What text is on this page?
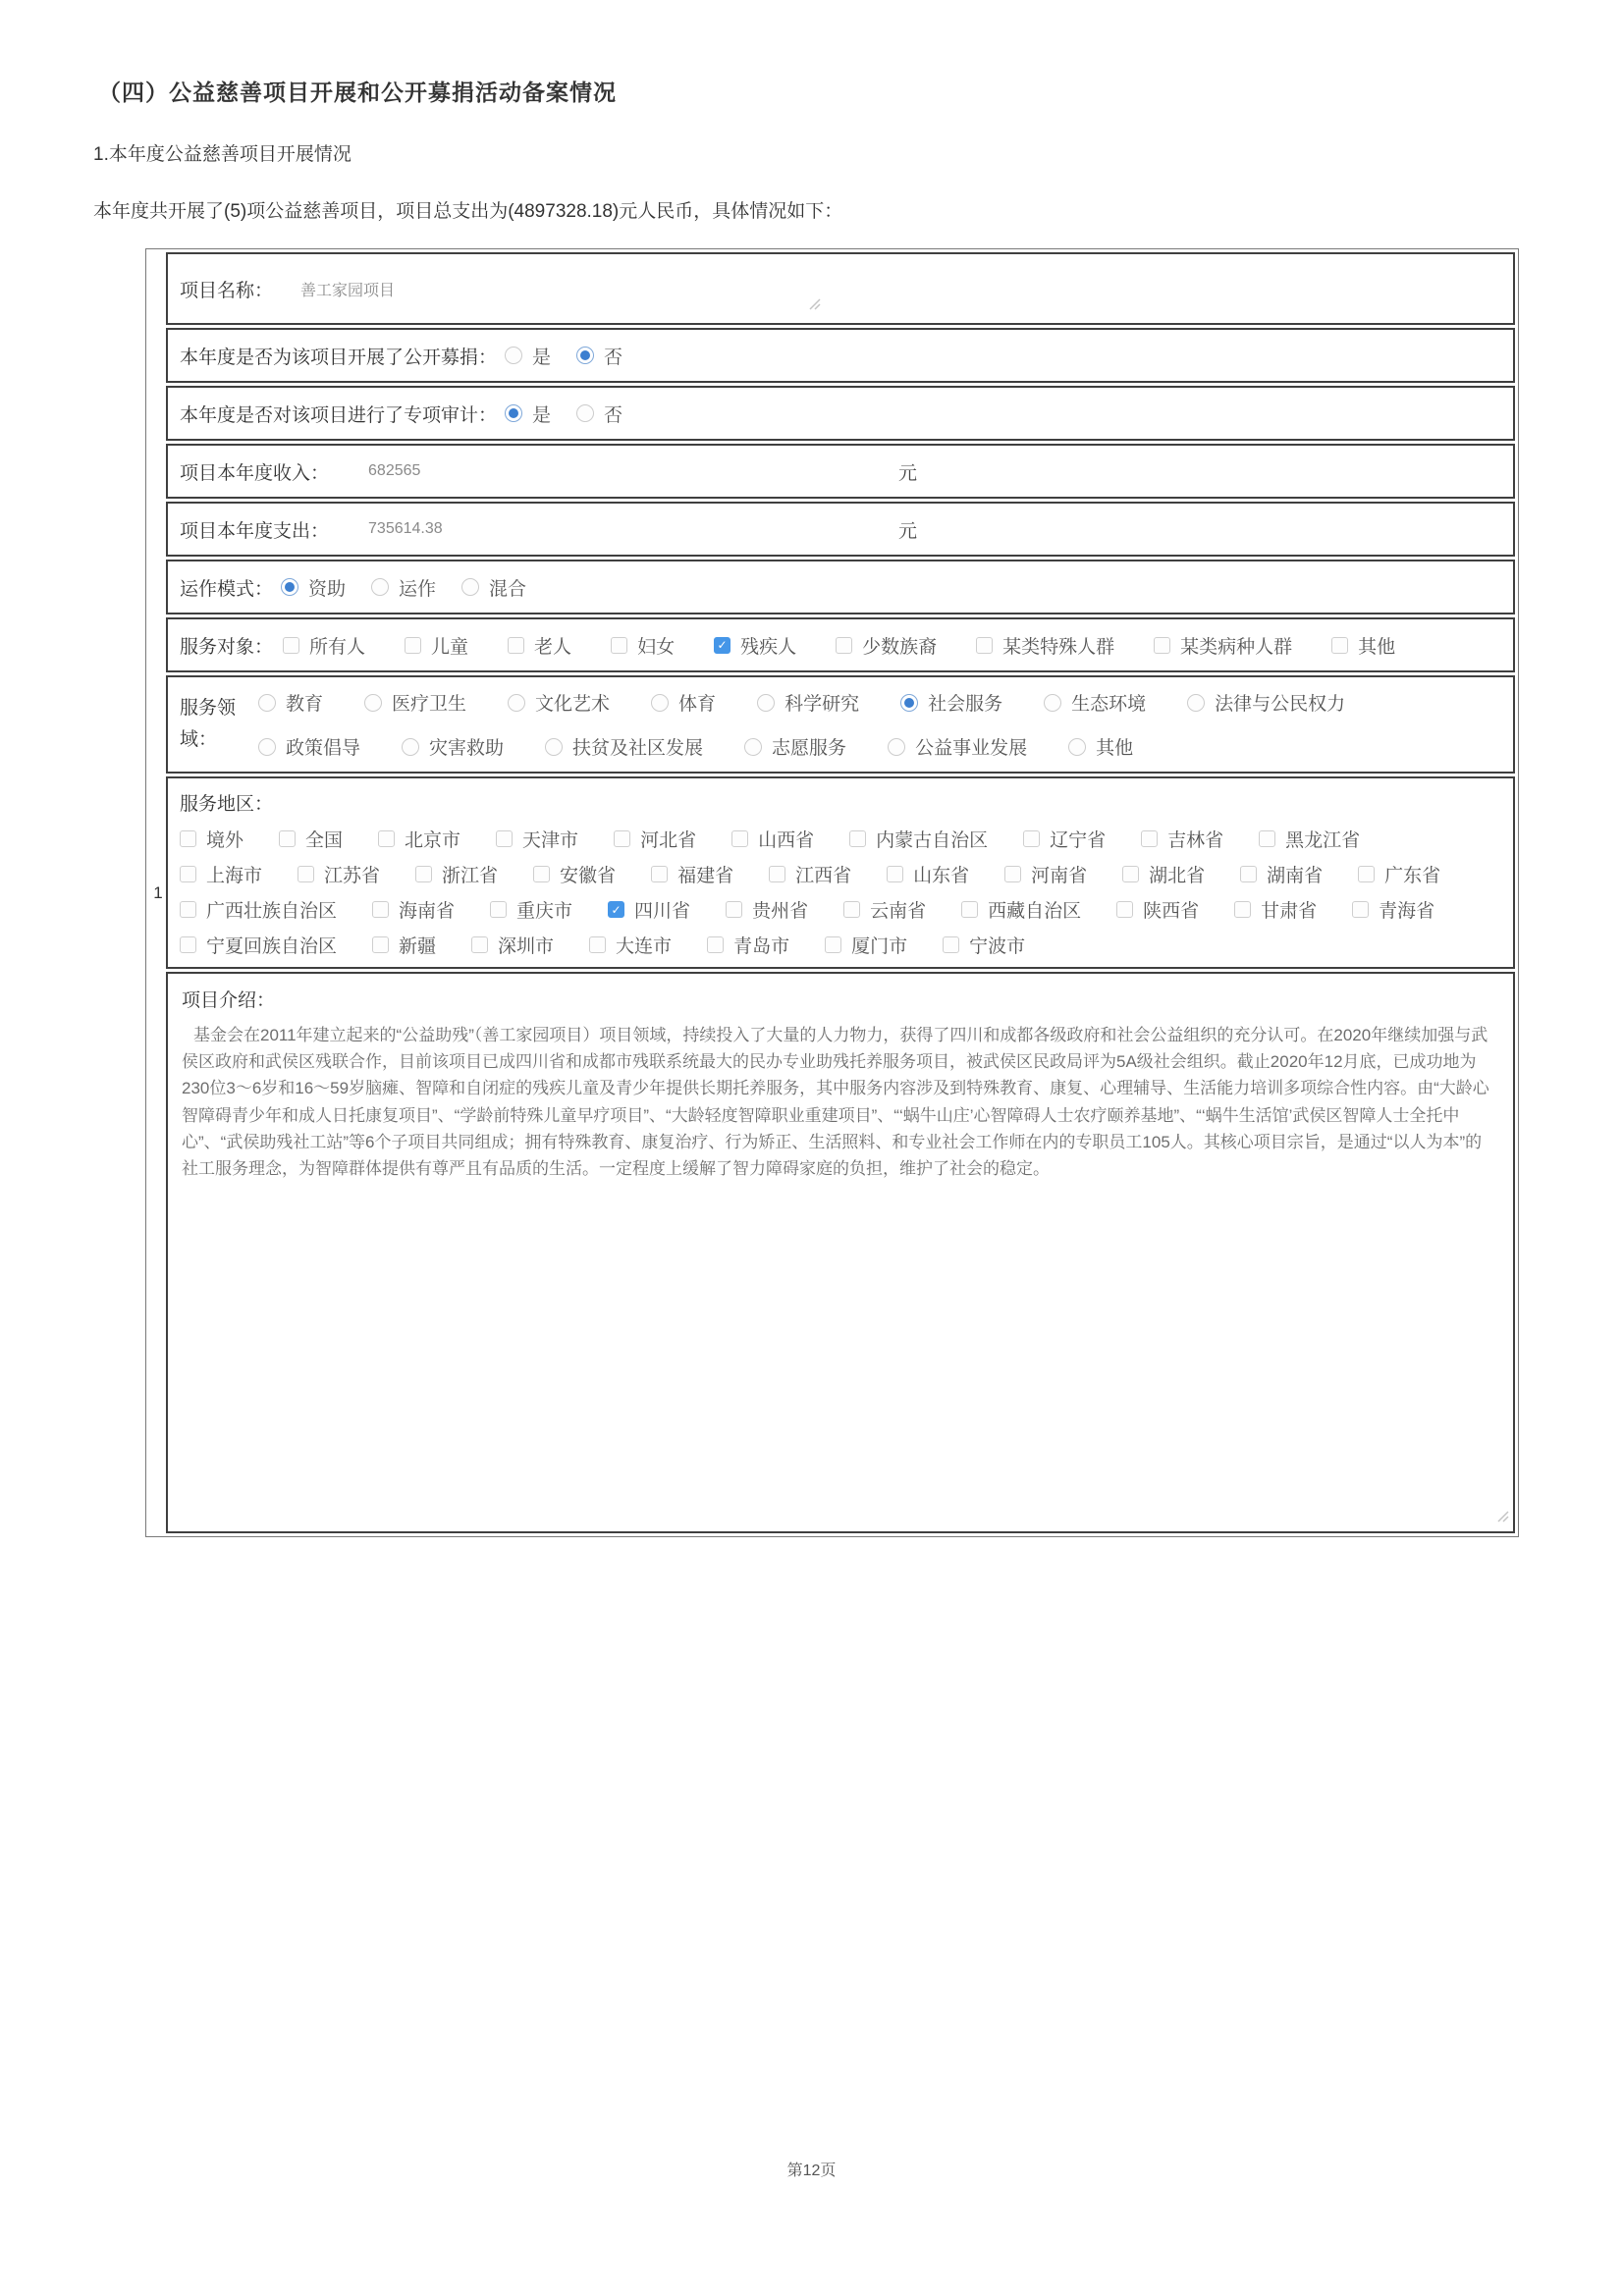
（四）公益慈善项目开展和公开募捐活动备案情况
1.本年度公益慈善项目开展情况
本年度共开展了(5)项公益慈善项目，项目总支出为(4897328.18)元人民币，具体情况如下：
1
项目名称： 善工家园项目
本年度是否为该项目开展了公开募捐： 是	否
本年度是否对该项目进行了专项审计： 是	否
项目本年度收入：	682565	元
项目本年度支出：	735614.38	元
运作模式： 资助	运作	混合
服务对象： 所有人	儿童	老人	妇女	✓ 残疾人	少数族裔	某类特殊人群	某类病种人群	其他
服务领域：
教育	医疗卫生	文化艺术	体育	科学研究	社会服务	生态环境	法律与公民权力
政策倡导	灾害救助	扶贫及社区发展	志愿服务	公益事业发展	其他
服务地区：
境外	全国	北京市	天津市	河北省	山西省	内蒙古自治区	辽宁省	吉林省	黑龙江省
上海市	江苏省	浙江省	安徽省	福建省	江西省	山东省	河南省	湖北省	湖南省	广东省
广西壮族自治区	海南省	重庆市	✓ 四川省	贵州省	云南省	西藏自治区	陕西省	甘肃省	青海省
宁夏回族自治区	新疆	深圳市	大连市	青岛市	厦门市	宁波市
项目介绍：
基金会在2011年建立起来的“公益助残”（善工家园项目）项目领域，持续投入了大量的人力物力，获得了四川和成都各级政府和社会公益组织的充分认可。在2020年继续加强与武侯区政府和武侯区残联合作，目前该项目已成四川省和成都市残联系统最大的民办专业助残托养服务项目，被武侯区民政局评为5A级社会组织。截止2020年12月底，已成功地为230位3～6岁和16～59岁脑瘫、智障和自闭症的残疾儿童及青少年提供长期托养服务，其中服务内容涉及到特殊教育、康复、心理辅导、生活能力培训多项综合性内容。由“大龄心智障碍青少年和成人日托康复项目”、“学龄前特殊儿童早疗项目”、“大龄轻度智障职业重建项目”、“‘蜗牛山庄’心智障碍人士农疗颐养基地”、“‘蜗牛生活馆’武侯区智障人士全托中心”、“武侯助残社工站”等6个子项目共同组成；拥有特殊教育、康复治疗、行为矫正、生活照料、和专业社会工作师在内的专职员工105人。其核心项目宗旨，是通过“以人为本”的社工服务理念，为智障群体提供有尊严且有品质的生活。一定程度上缓解了智力障碍家庭的负担，维护了社会的稳定。
第12页
